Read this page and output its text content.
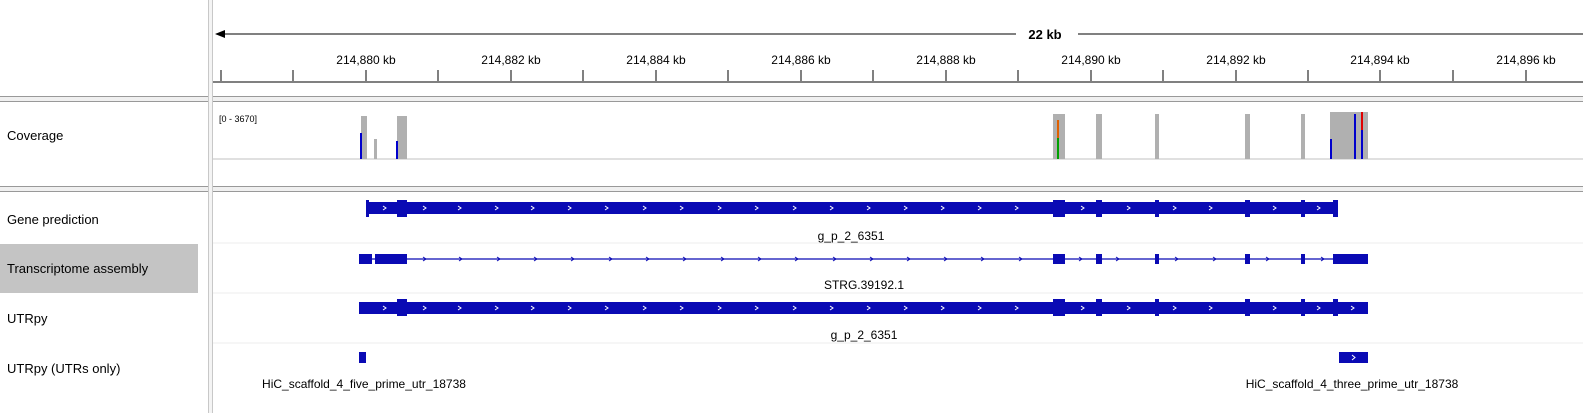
22 kb
214,880 kb	214,882 kb	214,884 kb	214,886 kb	214,888 kb	214,890 kb	214,892 kb	214,894 kb	214,896 kb
Coverage
[0 - 3670]
Gene prediction
Transcriptome assembly
UTRpy
UTRpy (UTRs only)
g_p_2_6351
STRG.39192.1
g_p_2_6351
HiC_scaffold_4_five_prime_utr_18738	HiC_scaffold_4_three_prime_utr_18738
